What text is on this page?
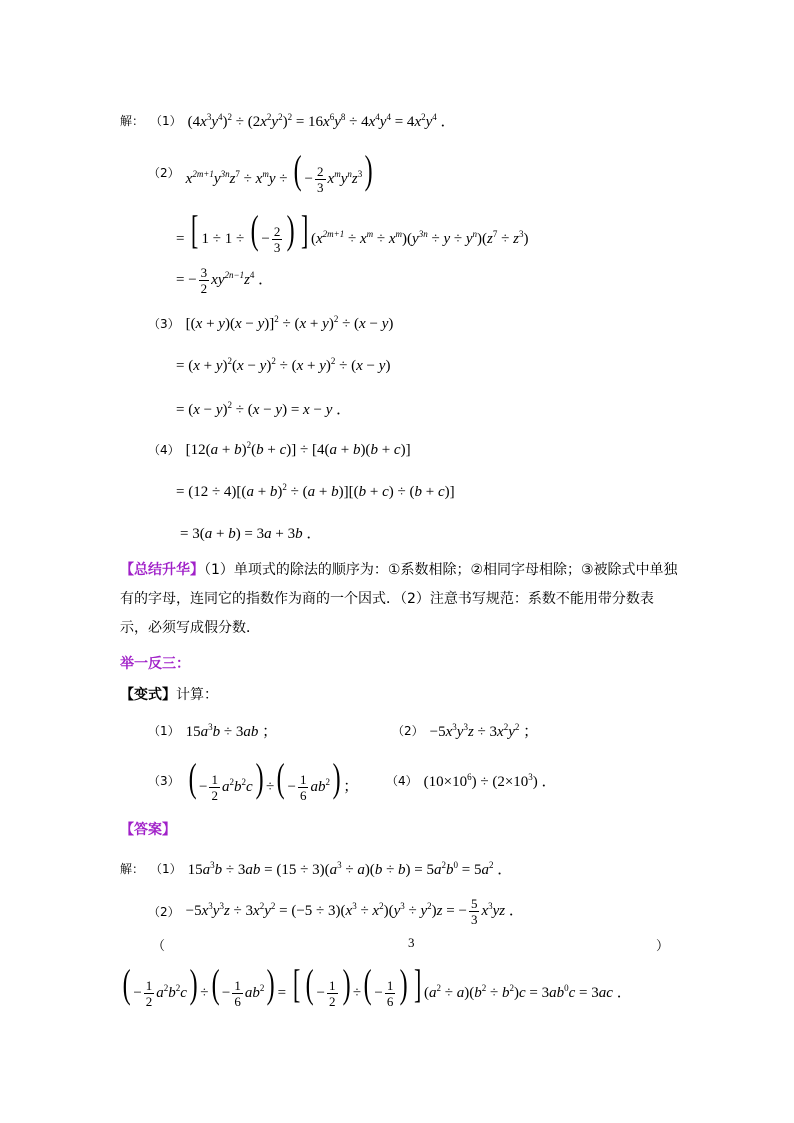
解： （1） $(4x^3y^4)^2 \div (2x^2y^2)^2 = 16x^6y^8 \div 4x^4y^4 = 4x^2y^4$ ．
（2） $x^{2m+1}y^{3n}z^7 \div x^my$ ÷ ( − $\frac{2}{3} x^my^nz^3$)
= [ 1 ÷ 1 ÷ ( − $\frac{2}{3}$ ) ] $(x^{2m+1} \div x^m \div x^m)(y^{3n} \div y \div y^n)(z^7 \div z^3)$
= − $\frac{3}{2} xy^{2n-1}z^4$ ．
（3） $[(x + y)(x - y)]^2 \div (x + y)^2 \div (x - y)$
= $(x + y)^2(x - y)^2 \div (x + y)^2 \div (x - y)$
= $(x - y)^2 \div (x - y) = x - y$ ．
（4） $[12(a + b)^2(b + c)] \div [4(a + b)(b + c)]$
= $(12 \div 4)[(a + b)^2 \div (a + b)][(b + c) \div (b + c)]$
= 3(a + b) = 3a + 3b ．
【总结升华】（1）单项式的除法的顺序为：①系数相除；②相同字母相除；③被除式中单独有的字母，连同它的指数作为商的一个因式．（2）注意书写规范：系数不能用带分数表示，必须写成假分数．
举一反三：
【变式】 计算：
（1） $15a^3b \div 3ab$ ；	$(2) -5x^3y^3z \div 3x^2y^2$ ；
（3） ( − $\frac{1}{2} a^2b^2c$) ÷( − $\frac{1}{6} ab^2$) ； （4） $(10\times 10^6) \div (2\times 10^3)$ ．
【答案】
解： （1） $15a^3b \div 3ab = (15 \div 3)(a^3 \div a)(b \div b) = 5a^2b^0 = 5a^2$ ．
$(2) -5x^3y^3z \div 3x^2y^2 = (-5 \div 3)(x^3 \div x^2)(y^3 \div y^2)z$ = − $\frac{5}{3} x^3yz$ ．
（	3	）
( − $\frac{1}{2} a^2b^2c$) ÷( − $\frac{1}{6} ab^2$) = [ ( − $\frac{1}{2}$ ) ÷( − $\frac{1}{6}$ ) ] $(a^2 \div a)(b^2 \div b^2)c = 3ab^0c = 3ac$ ．
